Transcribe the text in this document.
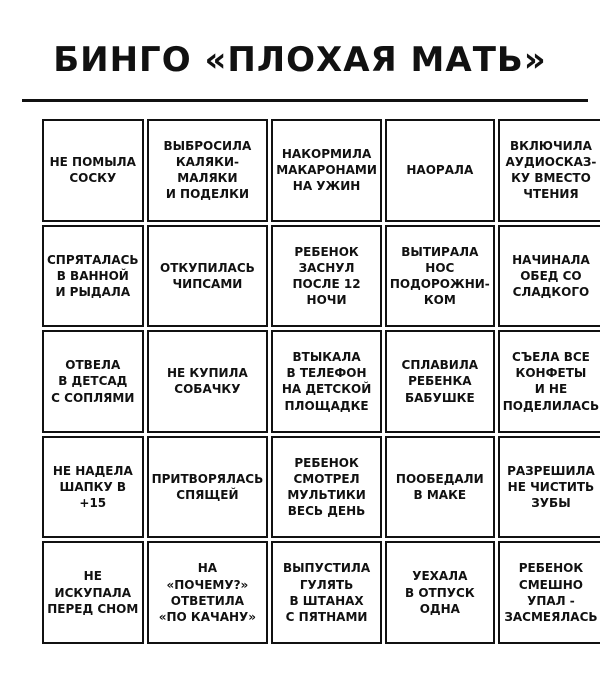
БИНГО «ПЛОХАЯ МАТЬ»
НЕ ПОМЫЛА
СОСКУ
ВЫБРОСИЛА
КАЛЯКИ-
МАЛЯКИ
И ПОДЕЛКИ
НАКОРМИЛА
МАКАРОНАМИ
НА УЖИН
НАОРАЛА
ВКЛЮЧИЛА
АУДИОСКАЗ-
КУ ВМЕСТО
ЧТЕНИЯ
СПРЯТАЛАСЬ
В ВАННОЙ
И РЫДАЛА
ОТКУПИЛАСЬ
ЧИПСАМИ
РЕБЕНОК
ЗАСНУЛ
ПОСЛЕ 12
НОЧИ
ВЫТИРАЛА
НОС
ПОДОРОЖНИ-
КОМ
НАЧИНАЛА
ОБЕД СО
СЛАДКОГО
ОТВЕЛА
В ДЕТСАД
С СОПЛЯМИ
НЕ КУПИЛА
СОБАЧКУ
ВТЫКАЛА
В ТЕЛЕФОН
НА ДЕТСКОЙ
ПЛОЩАДКЕ
СПЛАВИЛА
РЕБЕНКА
БАБУШКЕ
СЪЕЛА ВСЕ
КОНФЕТЫ
И НЕ
ПОДЕЛИЛАСЬ
НЕ НАДЕЛА
ШАПКУ В +15
ПРИТВОРЯЛАСЬ
СПЯЩЕЙ
РЕБЕНОК
СМОТРЕЛ
МУЛЬТИКИ
ВЕСЬ ДЕНЬ
ПООБЕДАЛИ
В МАКЕ
РАЗРЕШИЛА
НЕ ЧИСТИТЬ
ЗУБЫ
НЕ
ИСКУПАЛА
ПЕРЕД СНОМ
НА
«ПОЧЕМУ?»
ОТВЕТИЛА
«ПО КАЧАНУ»
ВЫПУСТИЛА
ГУЛЯТЬ
В ШТАНАХ
С ПЯТНАМИ
УЕХАЛА
В ОТПУСК
ОДНА
РЕБЕНОК
СМЕШНО
УПАЛ -
ЗАСМЕЯЛАСЬ
